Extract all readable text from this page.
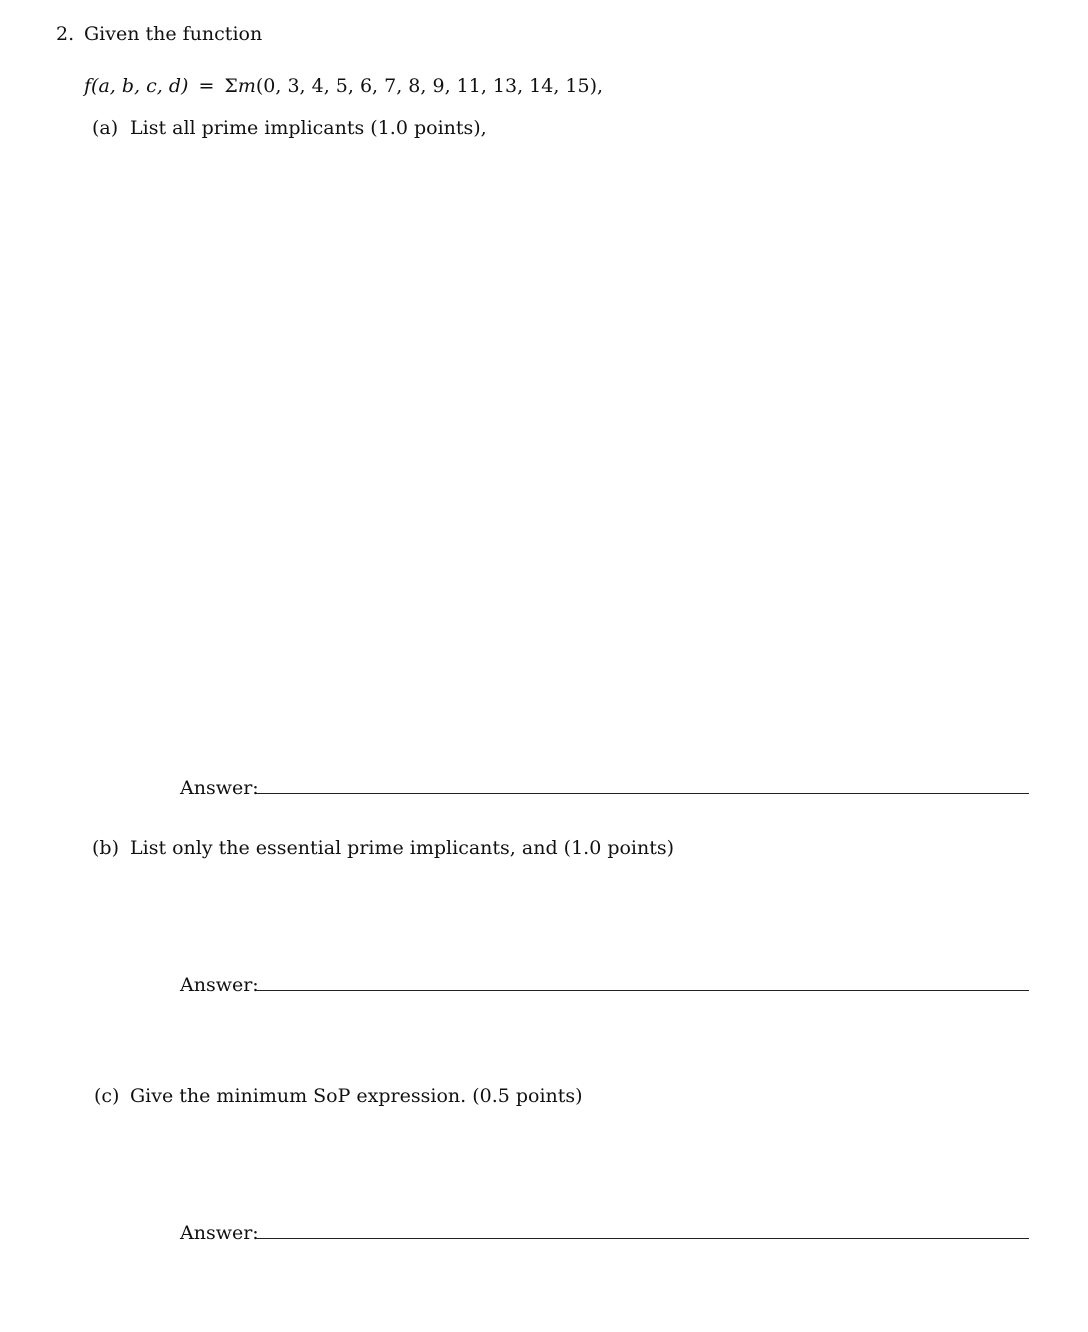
2. Given the function
f(a, b, c, d) = Σm(0, 3, 4, 5, 6, 7, 8, 9, 11, 13, 14, 15),
(a) List all prime implicants (1.0 points),
Answer:
(b) List only the essential prime implicants, and (1.0 points)
Answer:
(c) Give the minimum SoP expression. (0.5 points)
Answer:
